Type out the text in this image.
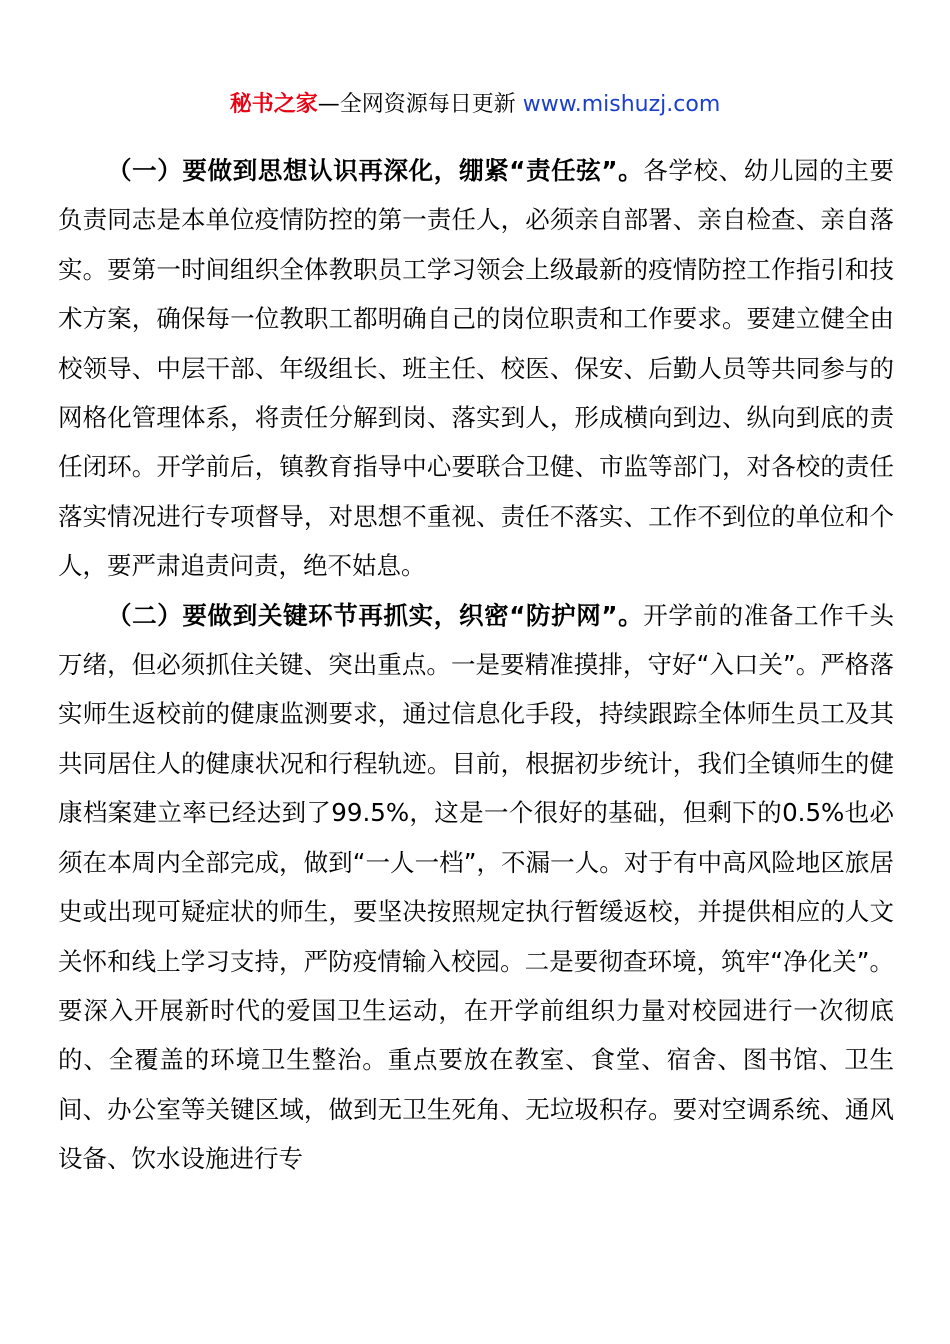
秘书之家—全网资源每日更新 www.mishuzj.com

（一）要做到思想认识再深化，绷紧“责任弦”。各学校、幼儿园的主要负责同志是本单位疫情防控的第一责任人，必须亲自部署、亲自检查、亲自落实。要第一时间组织全体教职员工学习领会上级最新的疫情防控工作指引和技术方案，确保每一位教职工都明确自己的岗位职责和工作要求。要建立健全由校领导、中层干部、年级组长、班主任、校医、保安、后勤人员等共同参与的网格化管理体系，将责任分解到岗、落实到人，形成横向到边、纵向到底的责任闭环。开学前后，镇教育指导中心要联合卫健、市监等部门，对各校的责任落实情况进行专项督导，对思想不重视、责任不落实、工作不到位的单位和个人，要严肃追责问责，绝不姑息。

（二）要做到关键环节再抓实，织密“防护网”。开学前的准备工作千头万绪，但必须抓住关键、突出重点。一是要精准摸排，守好“入口关”。严格落实师生返校前的健康监测要求，通过信息化手段，持续跟踪全体师生员工及其共同居住人的健康状况和行程轨迹。目前，根据初步统计，我们全镇师生的健康档案建立率已经达到了99.5%，这是一个很好的基础，但剩下的0.5%也必须在本周内全部完成，做到“一人一档”，不漏一人。对于有中高风险地区旅居史或出现可疑症状的师生，要坚决按照规定执行暂缓返校，并提供相应的人文关怀和线上学习支持，严防疫情输入校园。二是要彻查环境，筑牢“净化关”。要深入开展新时代的爱国卫生运动，在开学前组织力量对校园进行一次彻底的、全覆盖的环境卫生整治。重点要放在教室、食堂、宿舍、图书馆、卫生间、办公室等关键区域，做到无卫生死角、无垃圾积存。要对空调系统、通风设备、饮水设施进行专
